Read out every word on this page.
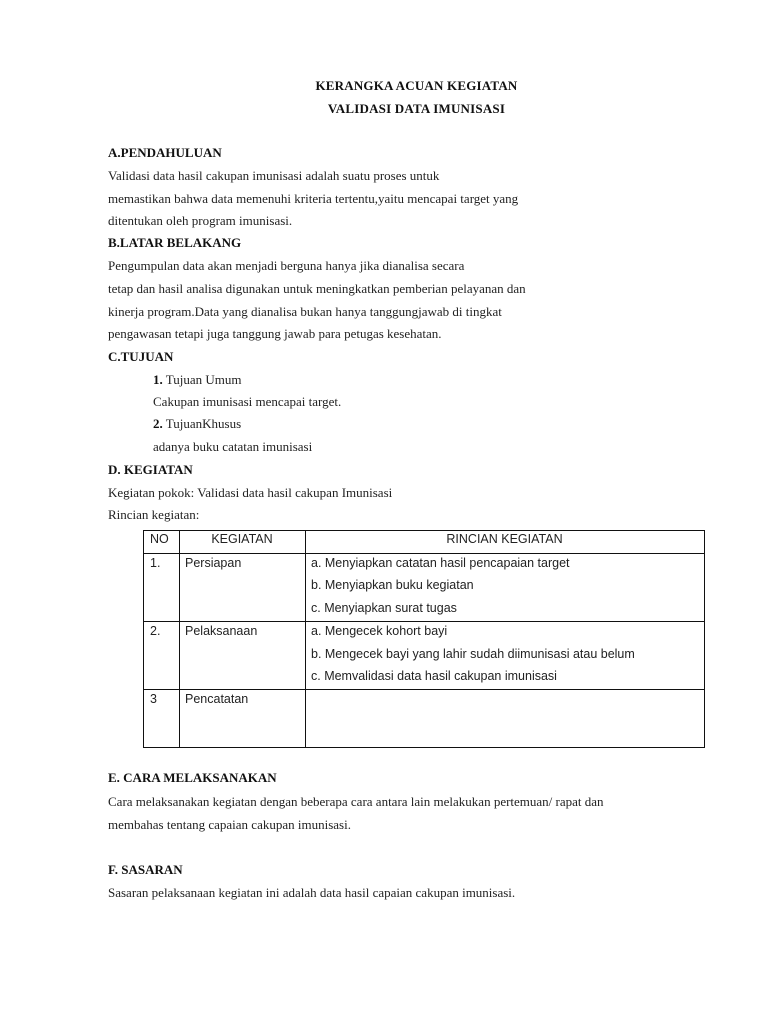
KERANGKA ACUAN KEGIATAN
VALIDASI DATA IMUNISASI
A.PENDAHULUAN
Validasi data hasil cakupan imunisasi adalah suatu proses untuk
memastikan bahwa data memenuhi kriteria tertentu,yaitu mencapai target yang
ditentukan oleh program imunisasi.
B.LATAR BELAKANG
Pengumpulan data akan menjadi berguna hanya jika dianalisa secara
tetap dan hasil analisa digunakan untuk meningkatkan pemberian pelayanan dan
kinerja program.Data yang dianalisa bukan hanya tanggungjawab di tingkat
pengawasan tetapi juga tanggung jawab para petugas kesehatan.
C.TUJUAN
1. Tujuan Umum
Cakupan imunisasi mencapai target.
2. TujuanKhusus
adanya buku catatan imunisasi
D. KEGIATAN
Kegiatan pokok: Validasi data hasil cakupan Imunisasi
Rincian kegiatan:
NO	KEGIATAN	RINCIAN KEGIATAN
1. Persiapan	a. Menyiapkan catatan hasil pencapaian target
b. Menyiapkan buku kegiatan
c. Menyiapkan surat tugas
2. Pelaksanaan	a. Mengecek kohort bayi
b. Mengecek bayi yang lahir sudah diimunisasi atau belum
c. Memvalidasi data hasil cakupan imunisasi
3 Pencatatan
E. CARA MELAKSANAKAN
Cara melaksanakan kegiatan dengan beberapa cara antara lain melakukan pertemuan/ rapat dan
membahas tentang capaian cakupan imunisasi.
F. SASARAN
Sasaran pelaksanaan kegiatan ini adalah data hasil capaian cakupan imunisasi.
